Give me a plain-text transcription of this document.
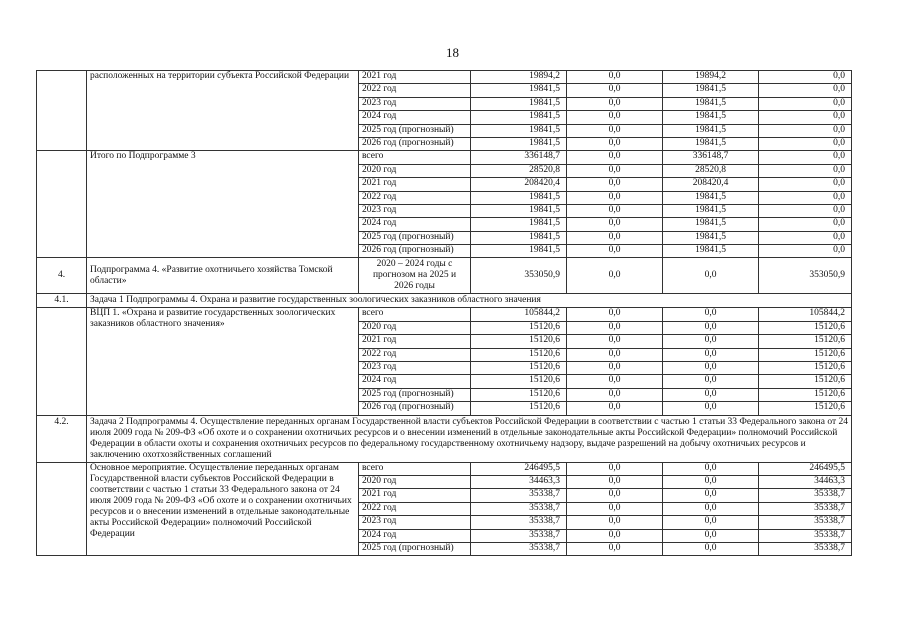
18
	расположенных на территории субъекта Российской Федерации	2021 год	19894,2	0,0	19894,2	0,0
		2022 год	19841,5	0,0	19841,5	0,0
		2023 год	19841,5	0,0	19841,5	0,0
		2024 год	19841,5	0,0	19841,5	0,0
		2025 год (прогнозный)	19841,5	0,0	19841,5	0,0
		2026 год (прогнозный)	19841,5	0,0	19841,5	0,0
	Итого по Подпрограмме 3	всего	336148,7	0,0	336148,7	0,0
		2020 год	28520,8	0,0	28520,8	0,0
		2021 год	208420,4	0,0	208420,4	0,0
		2022 год	19841,5	0,0	19841,5	0,0
		2023 год	19841,5	0,0	19841,5	0,0
		2024 год	19841,5	0,0	19841,5	0,0
		2025 год (прогнозный)	19841,5	0,0	19841,5	0,0
		2026 год (прогнозный)	19841,5	0,0	19841,5	0,0
4.	Подпрограмма 4. «Развитие охотничьего хозяйства Томской области»	2020 – 2024 годы с прогнозом на 2025 и 2026 годы	353050,9	0,0	0,0	353050,9
4.1.	Задача 1 Подпрограммы 4. Охрана и развитие государственных зоологических заказников областного значения					
	ВЦП 1. «Охрана и развитие государственных зоологических заказников областного значения»	всего	105844,2	0,0	0,0	105844,2
		2020 год	15120,6	0,0	0,0	15120,6
		2021 год	15120,6	0,0	0,0	15120,6
		2022 год	15120,6	0,0	0,0	15120,6
		2023 год	15120,6	0,0	0,0	15120,6
		2024 год	15120,6	0,0	0,0	15120,6
		2025 год (прогнозный)	15120,6	0,0	0,0	15120,6
		2026 год (прогнозный)	15120,6	0,0	0,0	15120,6
4.2.	Задача 2 Подпрограммы 4. Осуществление переданных органам Государственной власти субъектов Российской Федерации в соответствии с частью 1 статьи 33 Федерального закона от 24 июля 2009 года № 209-ФЗ «Об охоте и о сохранении охотничьих ресурсов и о внесении изменений в отдельные законодательные акты Российской Федерации» полномочий Российской Федерации в области охоты и сохранения охотничьих ресурсов по федеральному государственному охотничьему надзору, выдаче разрешений на добычу охотничьих ресурсов и заключению охотхозяйственных соглашений					
	Основное мероприятие. Осуществление переданных органам Государственной власти субъектов Российской Федерации в соответствии с частью 1 статьи 33 Федерального закона от 24 июля 2009 года № 209-ФЗ «Об охоте и о сохранении охотничьих ресурсов и о внесении изменений в отдельные законодательные акты Российской Федерации» полномочий Российской Федерации	всего	246495,5	0,0	0,0	246495,5
		2020 год	34463,3	0,0	0,0	34463,3
		2021 год	35338,7	0,0	0,0	35338,7
		2022 год	35338,7	0,0	0,0	35338,7
		2023 год	35338,7	0,0	0,0	35338,7
		2024 год	35338,7	0,0	0,0	35338,7
		2025 год (прогнозный)	35338,7	0,0	0,0	35338,7
